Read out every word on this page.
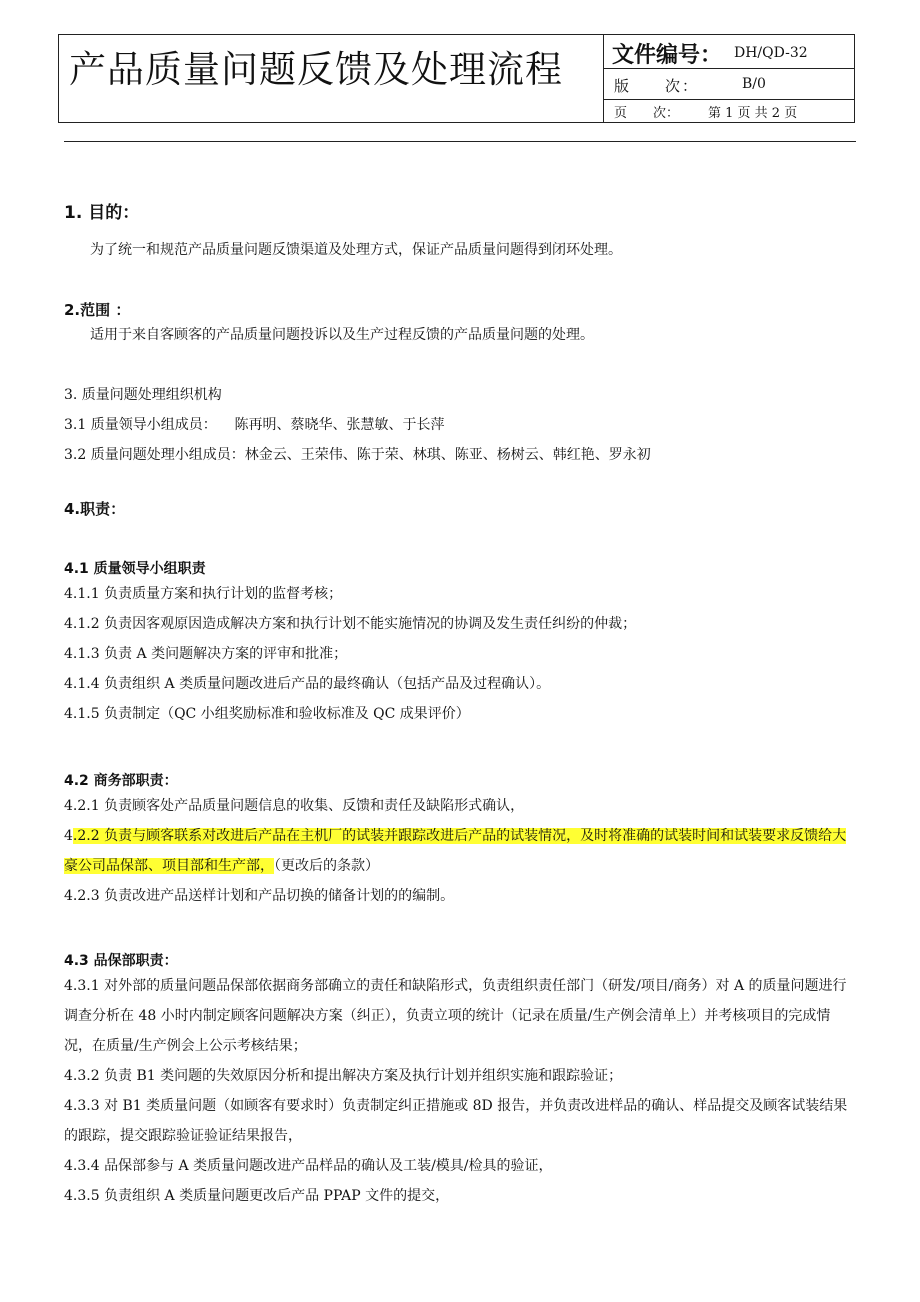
产品质量问题反馈及处理流程 文件编号： DH/QD-32
版　　次：	B/0
页　　次： 第 1 页 共 2 页

1. 目的：

为了统一和规范产品质量问题反馈渠道及处理方式，保证产品质量问题得到闭环处理。

2.范围 ：

适用于来自客顾客的产品质量问题投诉以及生产过程反馈的产品质量问题的处理。

3. 质量问题处理组织机构

3.1 质量领导小组成员：    陈再明、蔡晓华、张慧敏、于长萍

3.2 质量问题处理小组成员：林金云、王荣伟、陈于荣、林琪、陈亚、杨树云、韩红艳、罗永初

4.职责：

4.1 质量领导小组职责

4.1.1 负责质量方案和执行计划的监督考核；

4.1.2 负责因客观原因造成解决方案和执行计划不能实施情况的协调及发生责任纠纷的仲裁；

4.1.3 负责 A 类问题解决方案的评审和批准；

4.1.4 负责组织 A 类质量问题改进后产品的最终确认（包括产品及过程确认）。

4.1.5 负责制定（QC 小组奖励标准和验收标准及 QC 成果评价）

4.2 商务部职责：

4.2.1 负责顾客处产品质量问题信息的收集、反馈和责任及缺陷形式确认，

4.2.2 负责与顾客联系对改进后产品在主机厂的试装并跟踪改进后产品的试装情况，及时将准确的试装时间和试装要求反馈给大豪公司品保部、项目部和生产部，（更改后的条款）

4.2.3 负责改进产品送样计划和产品切换的储备计划的的编制。

4.3 品保部职责：

4.3.1 对外部的质量问题品保部依据商务部确立的责任和缺陷形式，负责组织责任部门（研发/项目/商务）对 A 的质量问题进行调查分析在 48 小时内制定顾客问题解决方案（纠正），负责立项的统计（记录在质量/生产例会清单上）并考核项目的完成情况，在质量/生产例会上公示考核结果；

4.3.2 负责 B1 类问题的失效原因分析和提出解决方案及执行计划并组织实施和跟踪验证；

4.3.3 对 B1 类质量问题（如顾客有要求时）负责制定纠正措施或 8D 报告，并负责改进样品的确认、样品提交及顾客试装结果的跟踪，提交跟踪验证验证结果报告，

4.3.4 品保部参与 A 类质量问题改进产品样品的确认及工装/模具/检具的验证，

4.3.5 负责组织 A 类质量问题更改后产品 PPAP 文件的提交，
